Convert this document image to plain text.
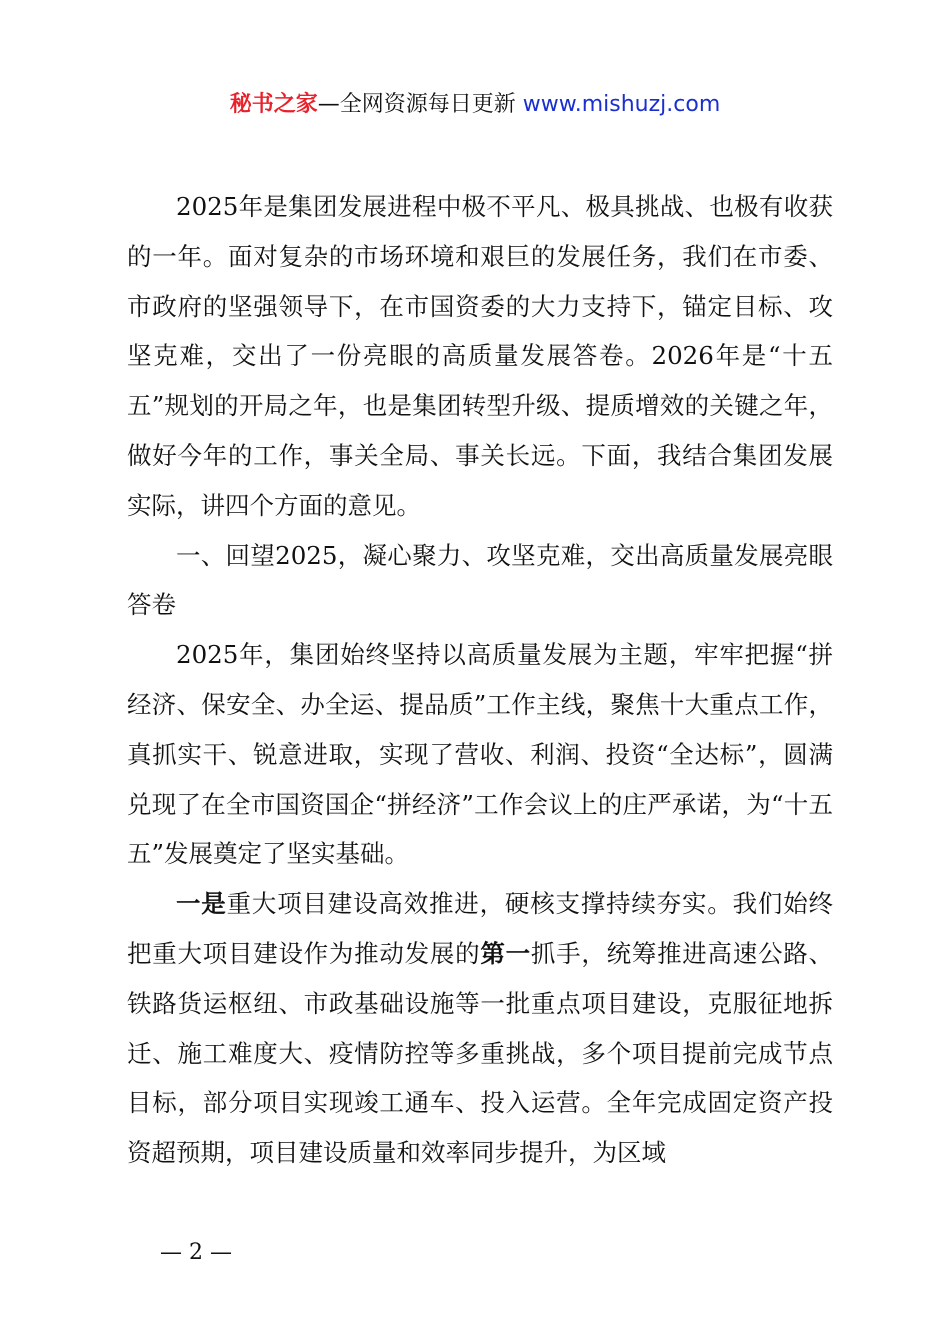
秘书之家—全网资源每日更新 www.mishuzj.com

2025年是集团发展进程中极不平凡、极具挑战、也极有收获的一年。面对复杂的市场环境和艰巨的发展任务，我们在市委、市政府的坚强领导下，在市国资委的大力支持下，锚定目标、攻坚克难，交出了一份亮眼的高质量发展答卷。2026年是“十五五”规划的开局之年，也是集团转型升级、提质增效的关键之年，做好今年的工作，事关全局、事关长远。下面，我结合集团发展实际，讲四个方面的意见。

一、回望2025，凝心聚力、攻坚克难，交出高质量发展亮眼答卷

2025年，集团始终坚持以高质量发展为主题，牢牢把握“拼经济、保安全、办全运、提品质”工作主线，聚焦十大重点工作，真抓实干、锐意进取，实现了营收、利润、投资“全达标”，圆满兑现了在全市国资国企“拼经济”工作会议上的庄严承诺，为“十五五”发展奠定了坚实基础。

一是重大项目建设高效推进，硬核支撑持续夯实。我们始终把重大项目建设作为推动发展的第一抓手，统筹推进高速公路、铁路货运枢纽、市政基础设施等一批重点项目建设，克服征地拆迁、施工难度大、疫情防控等多重挑战，多个项目提前完成节点目标，部分项目实现竣工通车、投入运营。全年完成固定资产投资超预期，项目建设质量和效率同步提升，为区域

— 2 —
